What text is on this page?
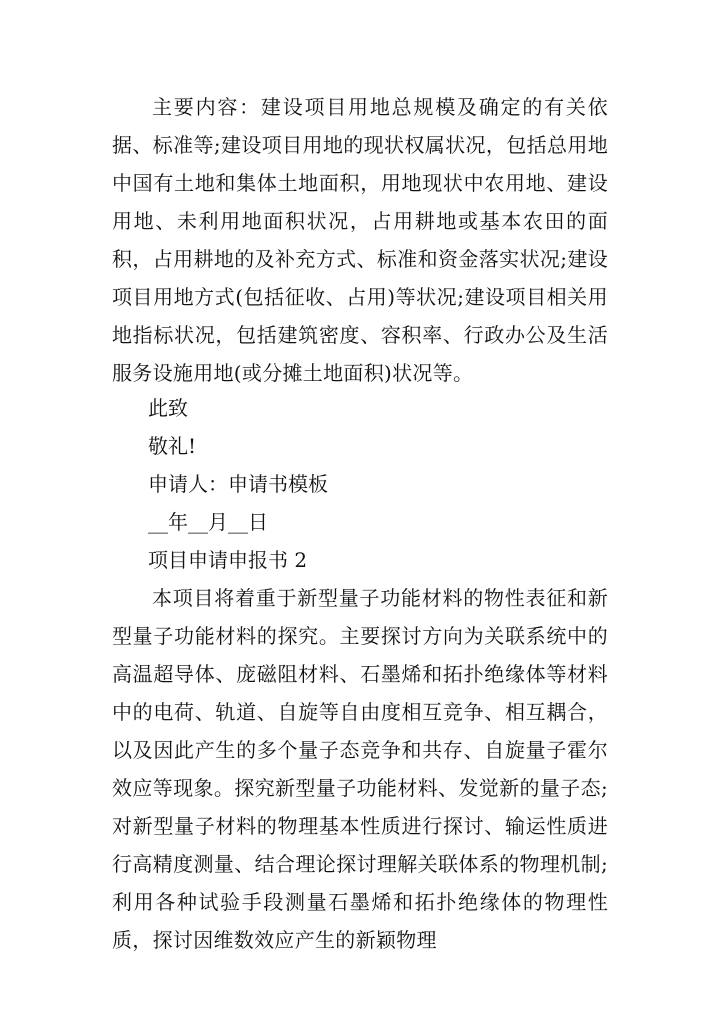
主要内容：建设项目用地总规模及确定的有关依据、标准等;建设项目用地的现状权属状况，包括总用地中国有土地和集体土地面积，用地现状中农用地、建设用地、未利用地面积状况，占用耕地或基本农田的面积，占用耕地的及补充方式、标准和资金落实状况;建设项目用地方式(包括征收、占用)等状况;建设项目相关用地指标状况，包括建筑密度、容积率、行政办公及生活服务设施用地(或分摊土地面积)状况等。

此致

敬礼!

申请人：申请书模板

__年__月__日

项目申请申报书 2

本项目将着重于新型量子功能材料的物性表征和新型量子功能材料的探究。主要探讨方向为关联系统中的高温超导体、庞磁阻材料、石墨烯和拓扑绝缘体等材料中的电荷、轨道、自旋等自由度相互竞争、相互耦合，以及因此产生的多个量子态竞争和共存、自旋量子霍尔效应等现象。探究新型量子功能材料、发觉新的量子态;对新型量子材料的物理基本性质进行探讨、输运性质进行高精度测量、结合理论探讨理解关联体系的物理机制;利用各种试验手段测量石墨烯和拓扑绝缘体的物理性质，探讨因维数效应产生的新颖物理
